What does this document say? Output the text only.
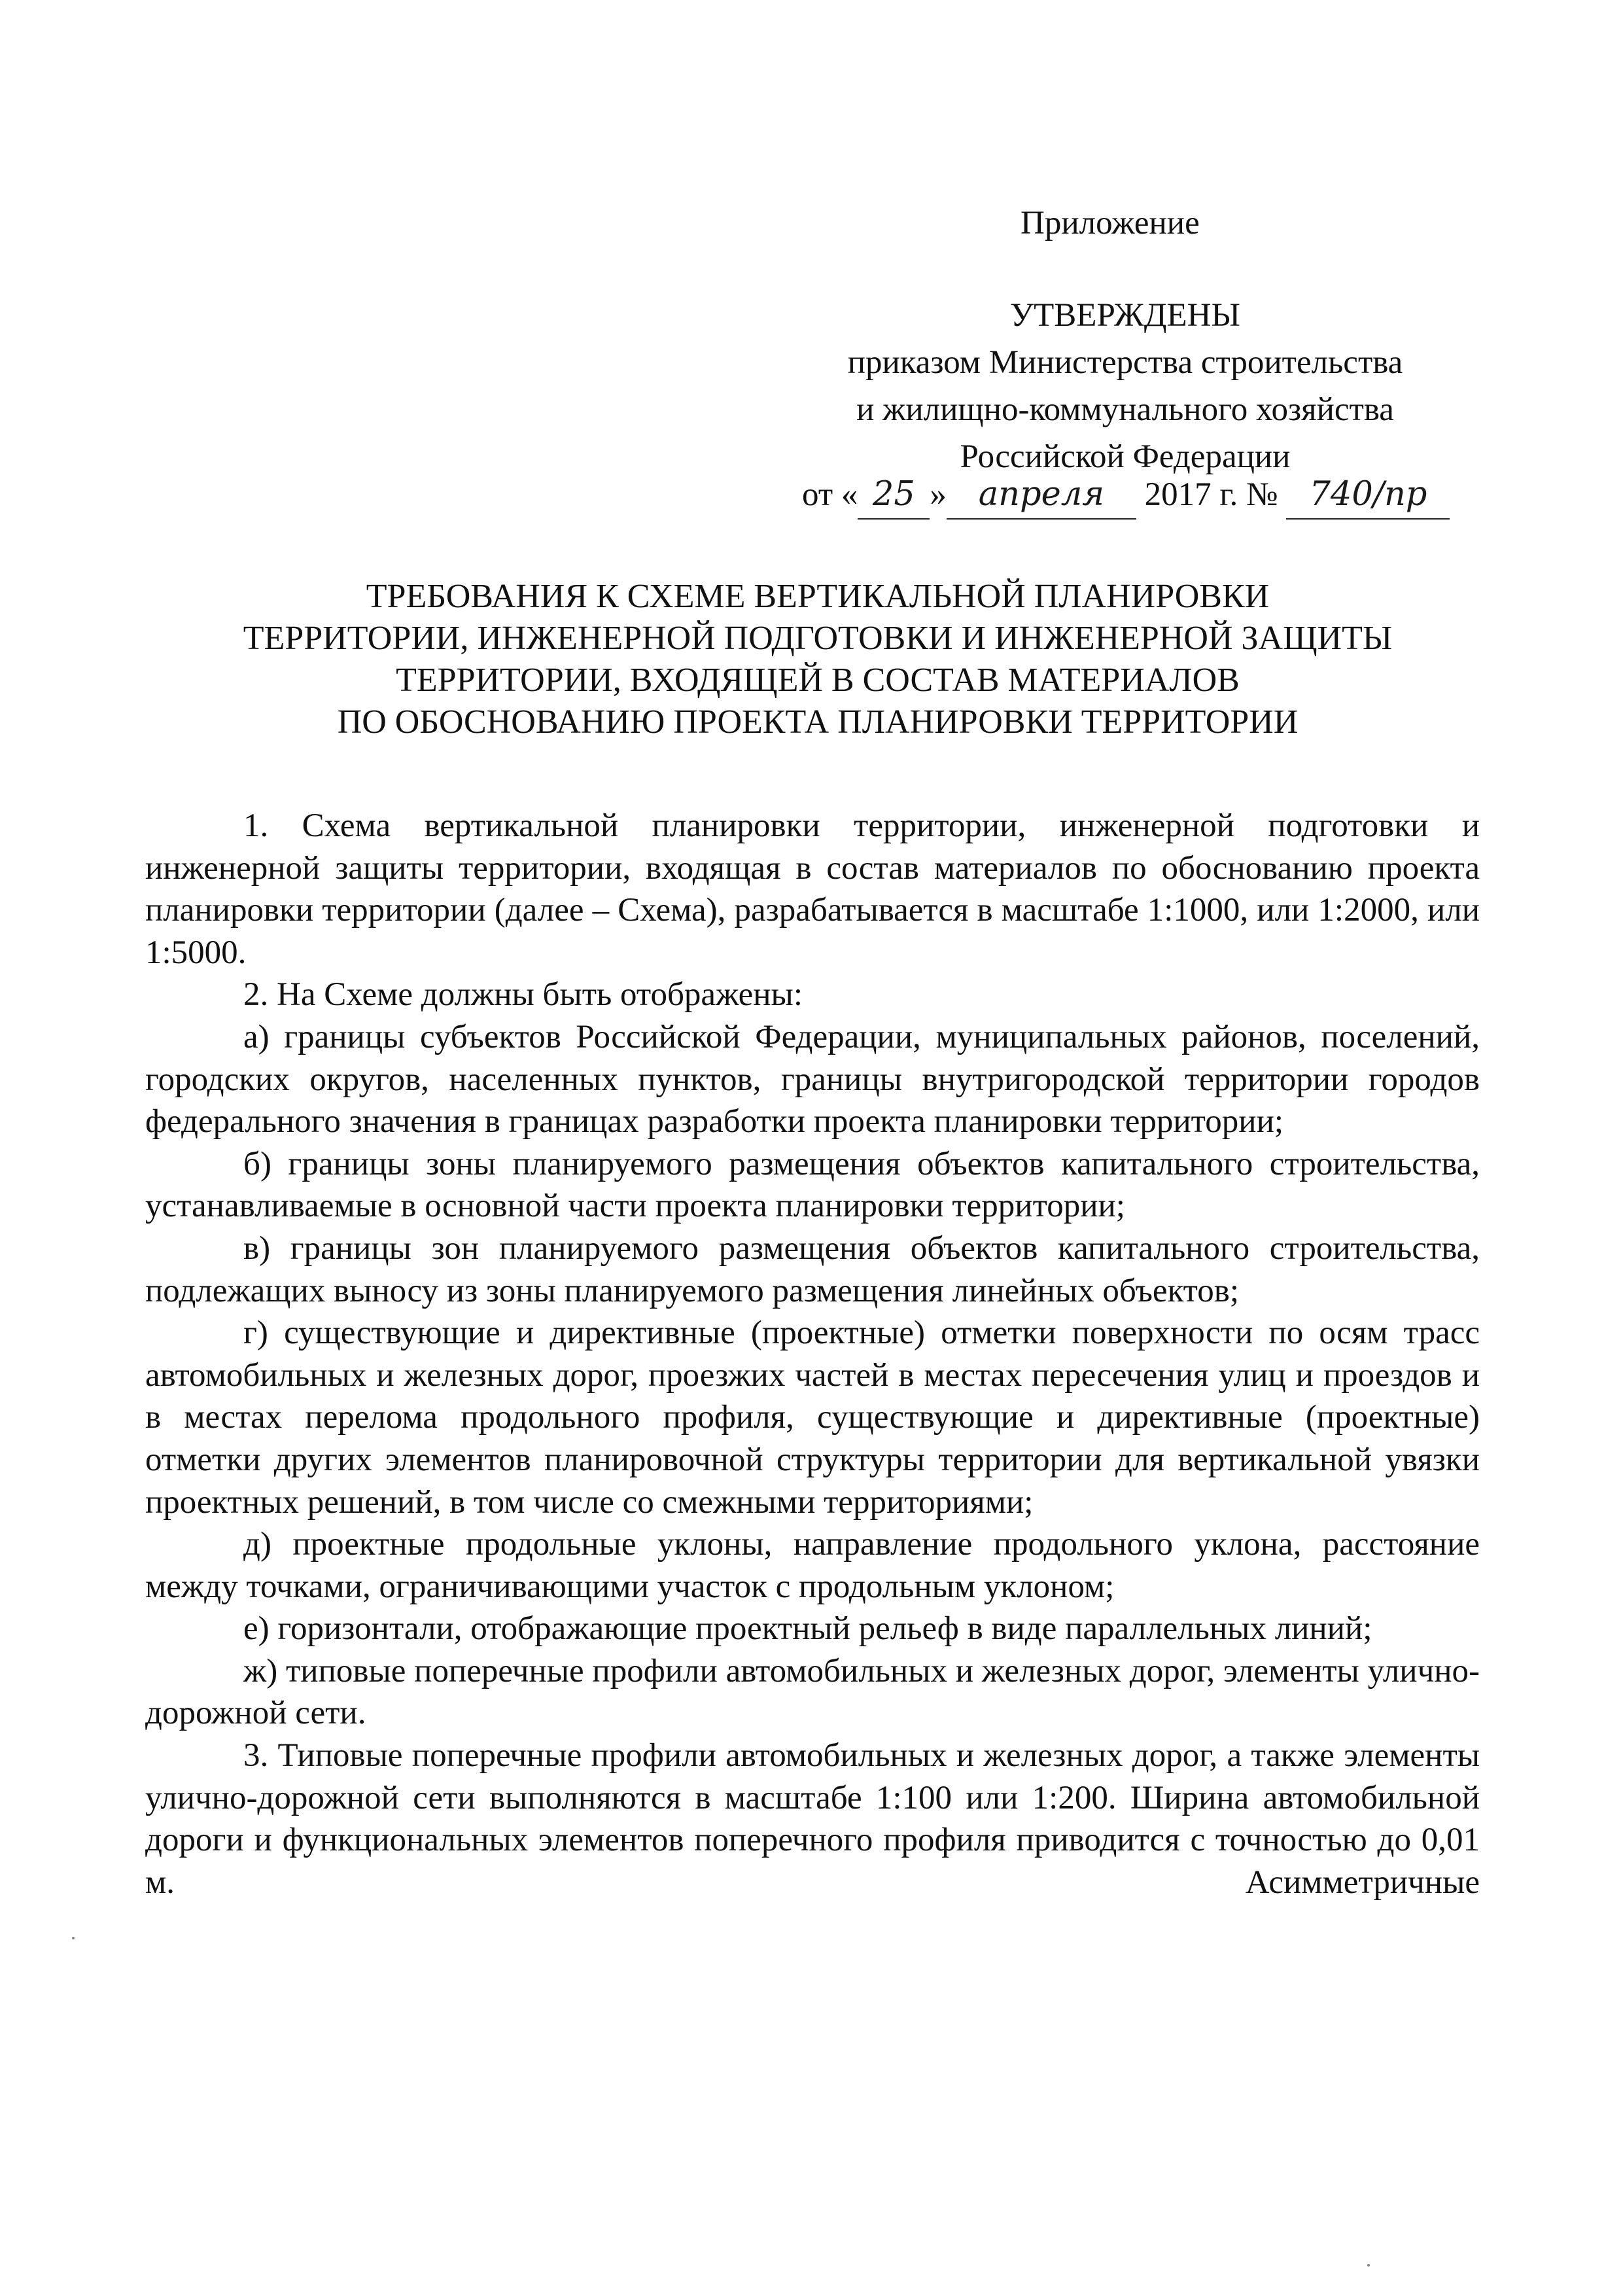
Приложение
УТВЕРЖДЕНЫ
приказом Министерства строительства
и жилищно-коммунального хозяйства
Российской Федерации
от « 25 » апреля 2017 г. № 740/пр
ТРЕБОВАНИЯ К СХЕМЕ ВЕРТИКАЛЬНОЙ ПЛАНИРОВКИ
ТЕРРИТОРИИ, ИНЖЕНЕРНОЙ ПОДГОТОВКИ И ИНЖЕНЕРНОЙ ЗАЩИТЫ
ТЕРРИТОРИИ, ВХОДЯЩЕЙ В СОСТАВ МАТЕРИАЛОВ
ПО ОБОСНОВАНИЮ ПРОЕКТА ПЛАНИРОВКИ ТЕРРИТОРИИ

1. Схема вертикальной планировки территории, инженерной подготовки и инженерной защиты территории, входящая в состав материалов по обоснованию проекта планировки территории (далее – Схема), разрабатывается в масштабе 1:1000, или 1:2000, или 1:5000.

2. На Схеме должны быть отображены:

а) границы субъектов Российской Федерации, муниципальных районов, поселений, городских округов, населенных пунктов, границы внутригородской территории городов федерального значения в границах разработки проекта планировки территории;

б) границы зоны планируемого размещения объектов капитального строительства, устанавливаемые в основной части проекта планировки территории;

в) границы зон планируемого размещения объектов капитального строительства, подлежащих выносу из зоны планируемого размещения линейных объектов;

г) существующие и директивные (проектные) отметки поверхности по осям трасс автомобильных и железных дорог, проезжих частей в местах пересечения улиц и проездов и в местах перелома продольного профиля, существующие и директивные (проектные) отметки других элементов планировочной структуры территории для вертикальной увязки проектных решений, в том числе со смежными территориями;

д) проектные продольные уклоны, направление продольного уклона, расстояние между точками, ограничивающими участок с продольным уклоном;

е) горизонтали, отображающие проектный рельеф в виде параллельных линий;

ж) типовые поперечные профили автомобильных и железных дорог, элементы улично-дорожной сети.

3. Типовые поперечные профили автомобильных и железных дорог, а также элементы улично-дорожной сети выполняются в масштабе 1:100 или 1:200. Ширина автомобильной дороги и функциональных элементов поперечного профиля приводится с точностью до 0,01 м. Асимметричные
